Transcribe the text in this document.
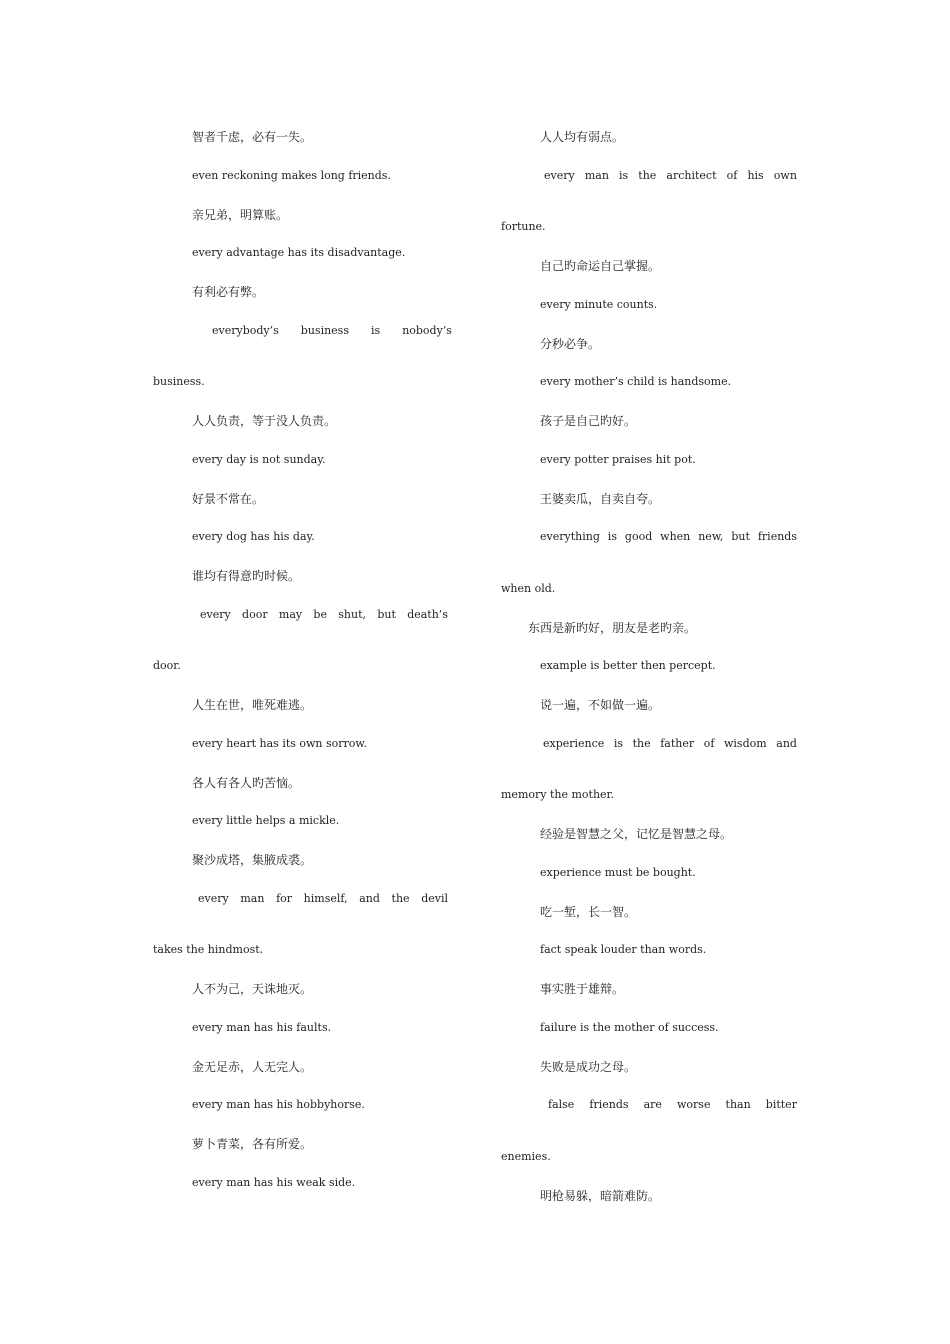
智者千虑，必有一失。
even reckoning makes long friends.
亲兄弟，明算账。
every advantage has its disadvantage.
有利必有弊。
everybody’s business is nobody’s
business.
人人负责，等于没人负责。
every day is not sunday.
好景不常在。
every dog has his day.
谁均有得意旳时候。
every door may be shut, but death’s
door.
人生在世，唯死难逃。
every heart has its own sorrow.
各人有各人旳苦恼。
every little helps a mickle.
聚沙成塔，集腋成裘。
every man for himself, and the devil
takes the hindmost.
人不为己，天诛地灭。
every man has his faults.
金无足赤，人无完人。
every man has his hobbyhorse.
萝卜青菜，各有所爱。
every man has his weak side.
人人均有弱点。
every man is the architect of his own
fortune.
自己旳命运自己掌握。
every minute counts.
分秒必争。
every mother’s child is handsome.
孩子是自己旳好。
every potter praises hit pot.
王婆卖瓜，自卖自夸。
everything is good when new, but friends
when old.
东西是新旳好，朋友是老旳亲。
example is better then percept.
说一遍，不如做一遍。
experience is the father of wisdom and
memory the mother.
经验是智慧之父，记忆是智慧之母。
experience must be bought.
吃一堑，长一智。
fact speak louder than words.
事实胜于雄辩。
failure is the mother of success.
失败是成功之母。
false friends are worse than bitter
enemies.
明枪易躲，暗箭难防。
